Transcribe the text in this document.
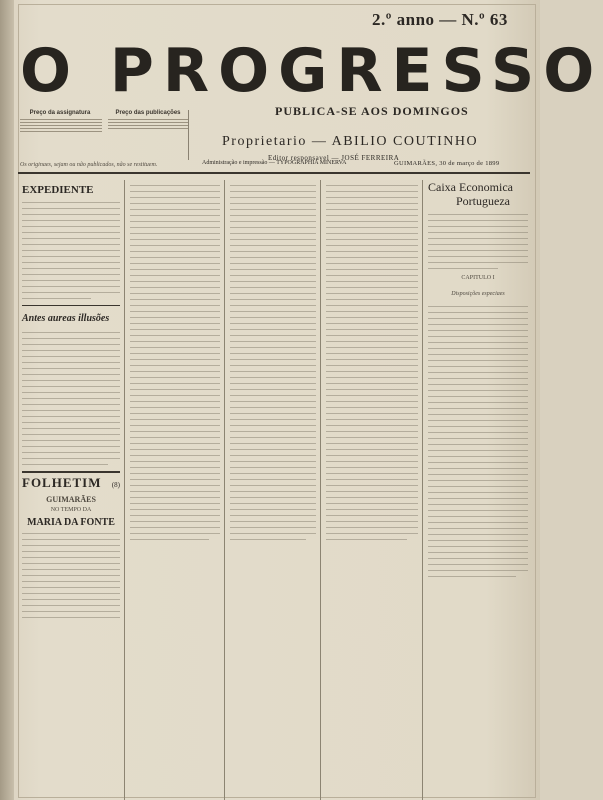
2.º anno — N.º 63
O PROGRESSO
Preço da assignatura	Preço das publicações	PUBLICA-SE AOS DOMINGOS
Proprietario — ABILIO COUTINHO
Editor responsavel — JOSÉ FERREIRA
Os originaes, sejam ou não publicados, não se restituem.	Administração e impressão — TYPOGRAPHIA MINERVA	GUIMARÃES, 30 de março de 1899
EXPEDIENTE
Antes aureas illusões
FOLHETIM (8)
GUIMARÃES
NO TEMPO DA
MARIA DA FONTE
Caixa Economica
Portugueza
CAPITULO I
Disposições especiaes
